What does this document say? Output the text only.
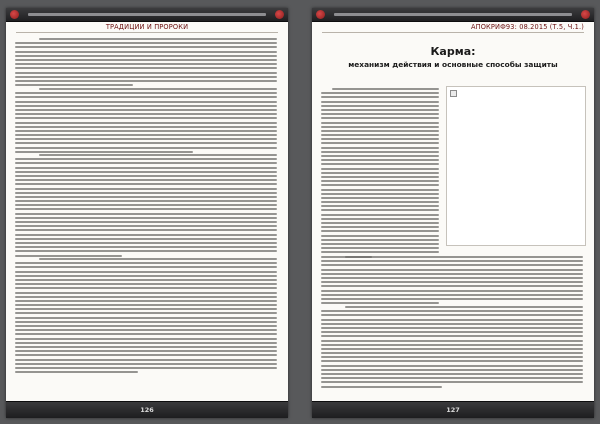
ТРАДИЦИИ И ПРОРОКИ
126
АПОКРИФ93: 08.2015 (Т.5, Ч.1.)
Карма:
механизм действия и основные способы защиты
127
